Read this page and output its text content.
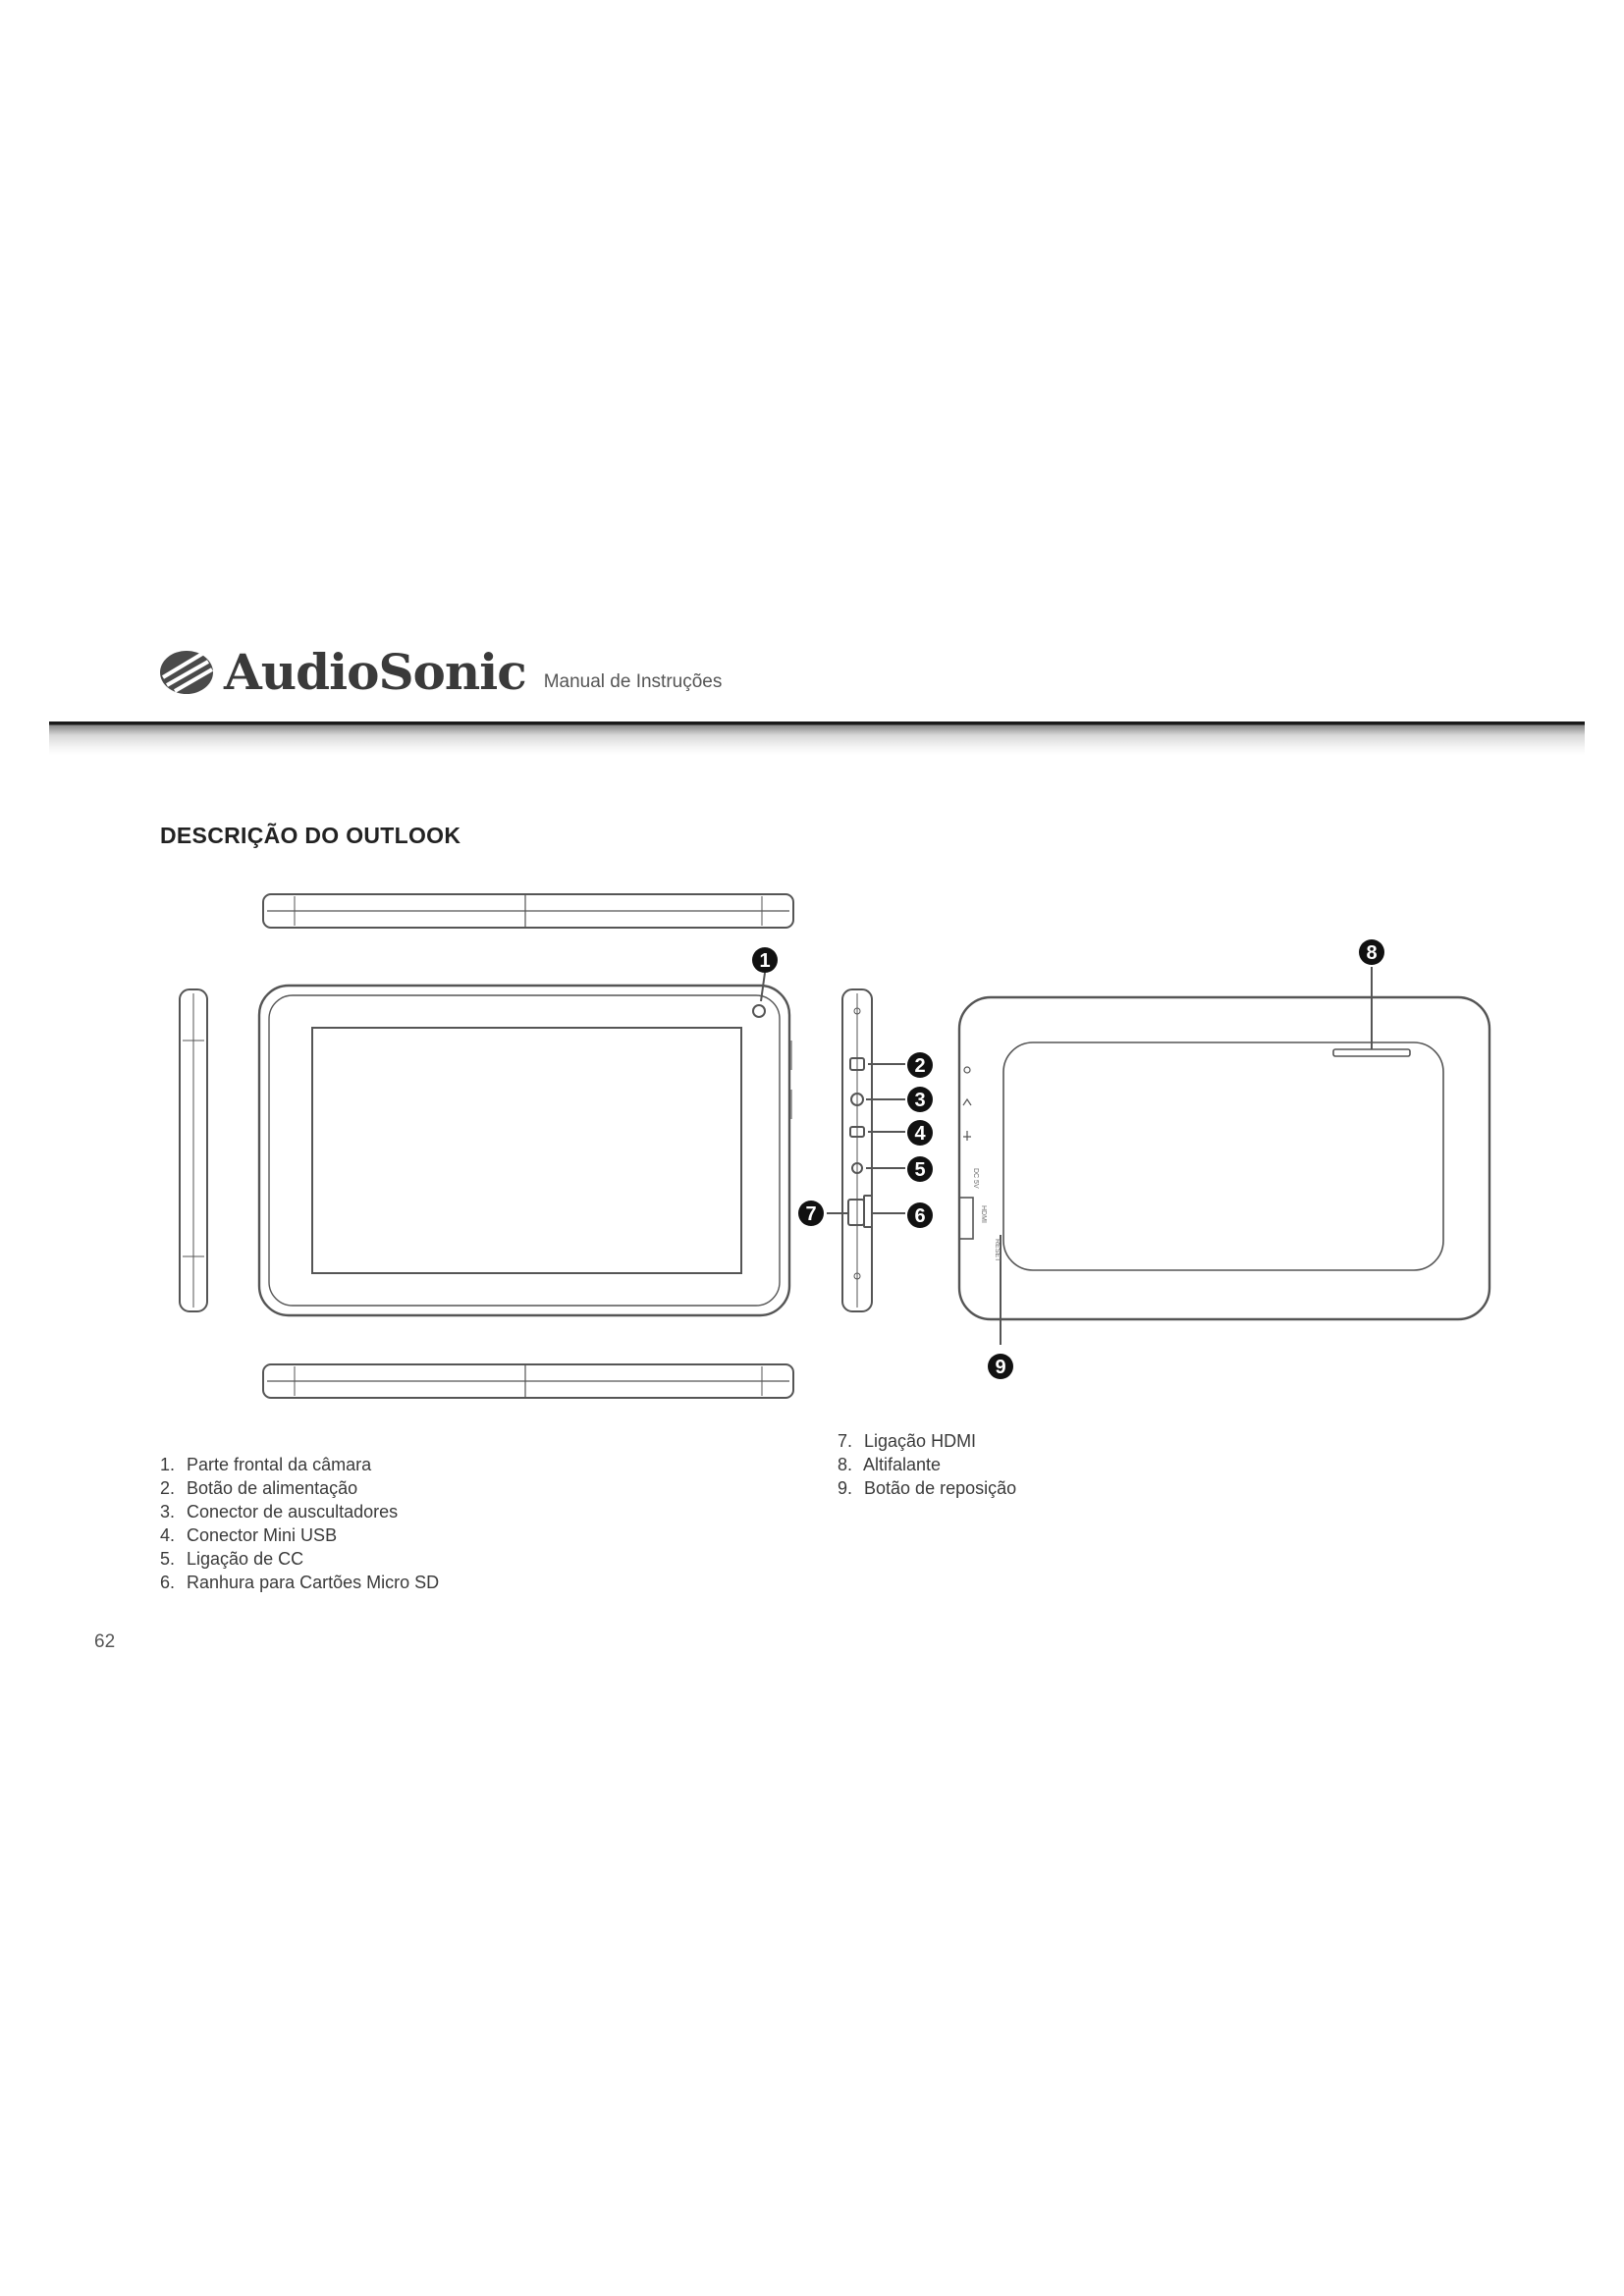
AudioSonic Manual de Instruções
DESCRIÇÃO DO OUTLOOK
DC 5V
HDMI
RESET
1
2
3
4
5
6
7
8
9
1. Parte frontal da câmara
2. Botão de alimentação
3. Conector de auscultadores
4. Conector Mini USB
5. Ligação de CC
6. Ranhura para Cartões Micro SD
7. Ligação HDMI
8. Altifalante
9. Botão de reposição
62
